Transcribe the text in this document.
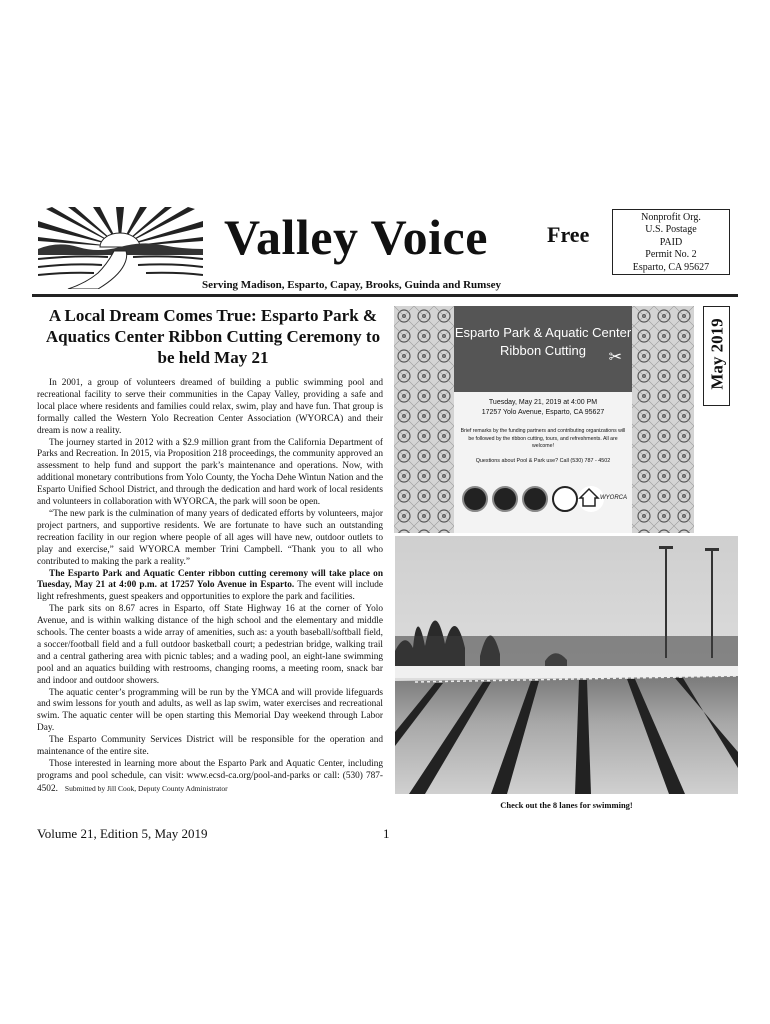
Valley Voice	Free
Nonprofit Org.
U.S. Postage
PAID
Permit No. 2
Esparto, CA 95627
Serving Madison, Esparto, Capay, Brooks, Guinda and Rumsey
A Local Dream Comes True: Esparto Park & Aquatics Center Ribbon Cutting Ceremony to be held May 21

In 2001, a group of volunteers dreamed of building a public swimming pool and recreational facility to serve their communities in the Capay Valley, providing a safe and local place where residents and families could relax, swim, play and have fun. That group is formally called the Western Yolo Recreation Center Association (WYORCA) and their dream is now a reality.

The journey started in 2012 with a $2.9 million grant from the California Department of Parks and Recreation. In 2015, via Proposition 218 proceedings, the community approved an assessment to help fund and support the park’s maintenance and operations. Now, with additional monetary contributions from Yolo County, the Yocha Dehe Wintun Nation and the Esparto Unified School District, and through the dedication and hard work of local residents and volunteers in collaboration with WYORCA, the park will soon be open.

“The new park is the culmination of many years of dedicated efforts by volunteers, major project partners, and supportive residents. We are fortunate to have such an outstanding recreation facility in our region where people of all ages will have new, outdoor outlets to play and exercise,” said WYORCA member Trini Campbell. “Thank you to all who contributed to making the park a reality.”

The Esparto Park and Aquatic Center ribbon cutting ceremony will take place on Tuesday, May 21 at 4:00 p.m. at 17257 Yolo Avenue in Esparto. The event will include light refreshments, guest speakers and opportunities to explore the park and facilities.

The park sits on 8.67 acres in Esparto, off State Highway 16 at the corner of Yolo Avenue, and is within walking distance of the high school and the elementary and middle schools. The center boasts a wide array of amenities, such as: a youth baseball/softball field, a soccer/football field and a full outdoor basketball court; a pedestrian bridge, walking trail and a central gathering area with picnic tables; and a wading pool, an eight-lane swimming pool and an aquatics building with restrooms, changing rooms, a meeting room, snack bar and indoor and outdoor showers.

The aquatic center’s programming will be run by the YMCA and will provide lifeguards and swim lessons for youth and adults, as well as lap swim, water exercises and recreational swim. The aquatic center will be open starting this Memorial Day weekend through Labor Day.

The Esparto Community Services District will be responsible for the operation and maintenance of the entire site.

Those interested in learning more about the Esparto Park and Aquatic Center, including programs and pool schedule, can visit: www.ecsd-ca.org/pool-and-parks or call: (530) 787-4502. Submitted by Jill Cook, Deputy County Administrator

Esparto Park & Aquatic Center
Ribbon Cutting	✂
Tuesday, May 21, 2019 at 4:00 PM
17257 Yolo Avenue, Esparto, CA 95627
Brief remarks by the funding partners and contributing organizations will be followed by the ribbon cutting, tours, and refreshments. All are welcome!
Questions about Pool & Park use? Call (530) 787 - 4502
WYORCA
May 2019
Check out the 8 lanes for swimming!
Volume 21, Edition 5, May 2019	1
